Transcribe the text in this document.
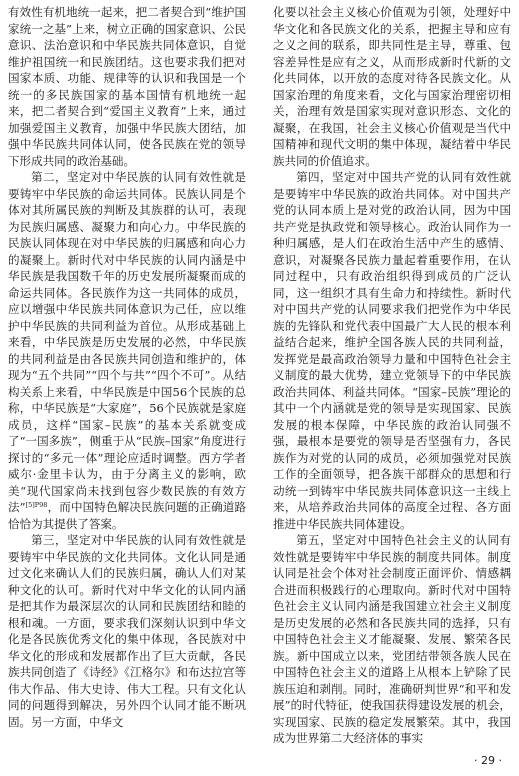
有效性有机地统一起来，把二者契合到“维护国家统一之基”上来，树立正确的国家意识、公民意识、法治意识和中华民族共同体意识，自觉维护祖国统一和民族团结。这也要求我们把对国家本质、功能、规律等的认识和我国是一个统一的多民族国家的基本国情有机地统一起来，把二者契合到“爱国主义教育”上来，通过加强爱国主义教育，加强中华民族大团结，加强中华民族共同体认同，使各民族在党的领导下形成共同的政治基础。

第二，坚定对中华民族的认同有效性就是要铸牢中华民族的命运共同体。民族认同是个体对其所属民族的判断及其族群的认可，表现为民族归属感、凝聚力和向心力。中华民族的民族认同体现在对中华民族的归属感和向心力的凝聚上。新时代对中华民族的认同内涵是中华民族是我国数千年的历史发展所凝聚而成的命运共同体。各民族作为这一共同体的成员，应以增强中华民族共同体意识为己任，应以维护中华民族的共同利益为首位。从形成基础上来看，中华民族是历史发展的必然，中华民族的共同利益是由各民族共同创造和维护的，体现为“五个共同”“四个与共”“四个不可”。从结构关系上来看，中华民族是中国56个民族的总称，中华民族是“大家庭”，56个民族就是家庭成员，这样“国家–民族”的基本关系就变成了“一国多族”，侧重于从“民族–国家”角度进行探讨的“多元一体”理论应适时调整。西方学者威尔·金里卡认为，由于分离主义的影响，欧美“现代国家尚未找到包容少数民族的有效方法”$^{[5]P98}$，而中国特色解决民族问题的正确道路恰恰为其提供了答案。

第三，坚定对中华民族的认同有效性就是要铸牢中华民族的文化共同体。文化认同是通过文化来确认人们的民族归属，确认人们对某种文化的认可。新时代对中华文化的认同内涵是把其作为最深层次的认同和民族团结和睦的根和魂。一方面，要求我们深刻认识到中华文化是各民族优秀文化的集中体现，各民族对中华文化的形成和发展都作出了巨大贡献，各民族共同创造了《诗经》《江格尔》和布达拉宫等伟大作品、伟大史诗、伟大工程。只有文化认同的问题得到解决，另外四个认同才能不断巩固。另一方面，中华文

化要以社会主义核心价值观为引领，处理好中华文化和各民族文化的关系，把握主导和应有之义之间的联系，即共同性是主导，尊重、包容差异性是应有之义，从而形成新时代新的文化共同体，以开放的态度对待各民族文化。从国家治理的角度来看，文化与国家治理密切相关，治理有效是国家实现对意识形态、文化的凝聚，在我国，社会主义核心价值观是当代中国精神和现代文明的集中体现，凝结着中华民族共同的价值追求。

第四，坚定对中国共产党的认同有效性就是要铸牢中华民族的政治共同体。对中国共产党的认同本质上是对党的政治认同，因为中国共产党是执政党和领导核心。政治认同作为一种归属感，是人们在政治生活中产生的感情、意识，对凝聚各民族力量起着重要作用，在认同过程中，只有政治组织得到成员的广泛认同，这一组织才具有生命力和持续性。新时代对中国共产党的认同要求我们把党作为中华民族的先锋队和党代表中国最广大人民的根本利益结合起来，维护全国各族人民的共同利益，发挥党是最高政治领导力量和中国特色社会主义制度的最大优势，建立党领导下的中华民族政治共同体、利益共同体。“国家–民族”理论的其中一个内涵就是党的领导是实现国家、民族发展的根本保障，中华民族的政治认同强不强，最根本是要党的领导是否坚强有力，各民族作为对党的认同的成员，必须加强党对民族工作的全面领导，把各族干部群众的思想和行动统一到铸牢中华民族共同体意识这一主线上来，从培养政治共同体的高度全过程、各方面推进中华民族共同体建设。

第五，坚定对中国特色社会主义的认同有效性就是要铸牢中华民族的制度共同体。制度认同是社会个体对社会制度正面评价、情感耦合进而积极践行的心理取向。新时代对中国特色社会主义认同内涵是我国建立社会主义制度是历史发展的必然和各民族共同的选择，只有中国特色社会主义才能凝聚、发展、繁荣各民族。新中国成立以来，党团结带领各族人民在中国特色社会主义的道路上从根本上铲除了民族压迫和剥削。同时，准确研判世界“和平和发展”的时代特征，使我国获得建设发展的机会，实现国家、民族的稳定发展繁荣。其中，我国成为世界第二大经济体的事实

· 29 ·
